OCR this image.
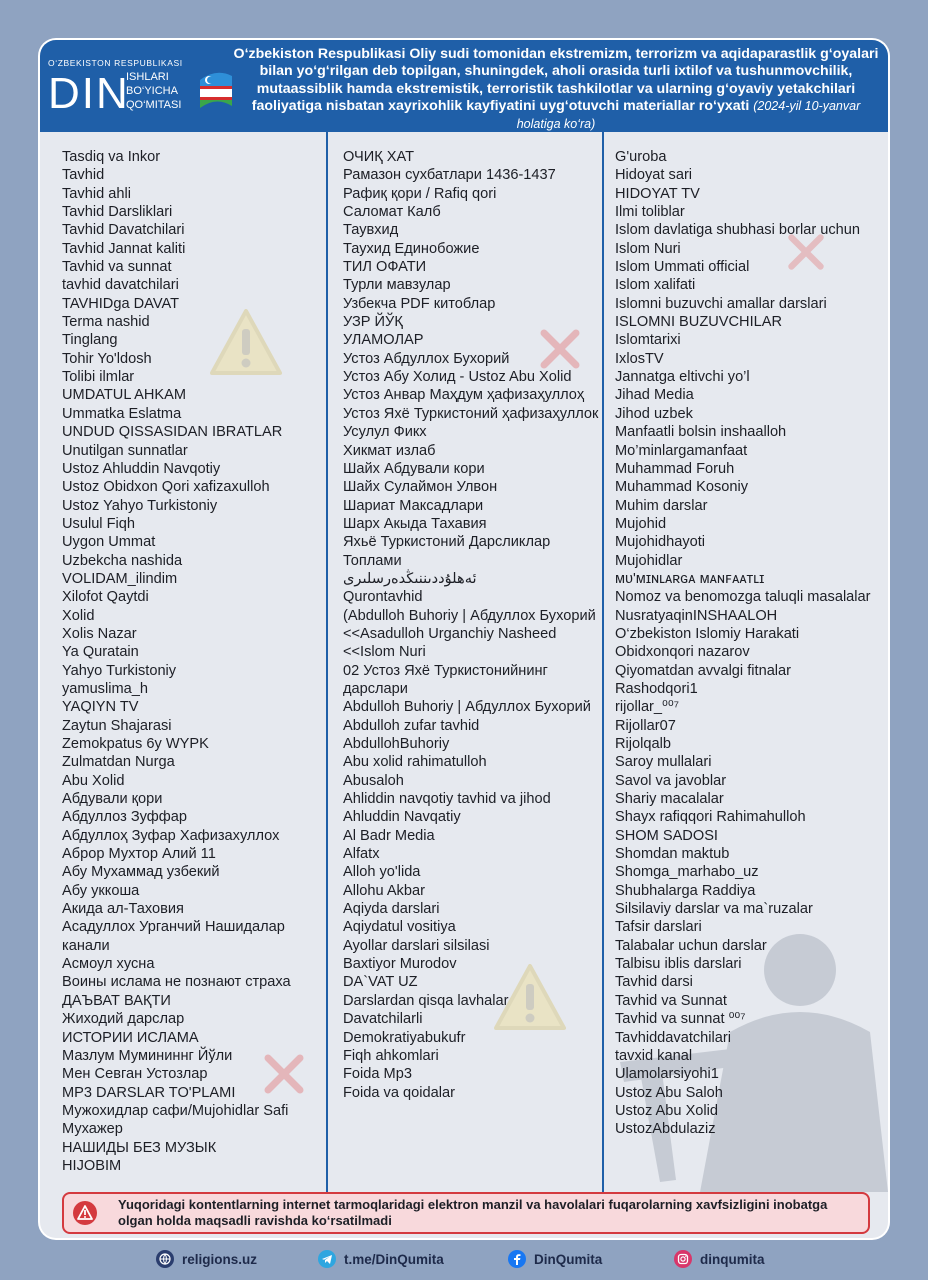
O‘ZBEKISTON RESPUBLIKASI
DIN
ISHLARI
BO‘YICHA
QO‘MITASI
O‘zbekiston Respublikasi Oliy sudi tomonidan ekstremizm, terrorizm va aqidaparastlik g‘oyalari bilan yo‘g‘rilgan deb topilgan, shuningdek, aholi orasida turli ixtilof va tushunmovchilik, mutaassiblik hamda ekstremistik, terroristik tashkilotlar va ularning g‘oyaviy yetakchilari faoliyatiga nisbatan xayrixohlik kayfiyatini uyg‘otuvchi materiallar ro‘yxati (2024-yil 10-yanvar holatiga ko‘ra)
Tasdiq va Inkor
Tavhid
Tavhid ahli
Tavhid Darsliklari
Tavhid Davatchilari
Tavhid Jannat kaliti
Tavhid va sunnat
tavhid davatchilari
TAVHIDga DAVAT
Terma nashid
Tinglang
Tohir Yo'ldosh
Tolibi ilmlar
UMDATUL AHKAM
Ummatka Eslatma
UNDUD QISSASIDAN IBRATLAR
Unutilgan sunnatlar
Ustoz Ahluddin Navqotiy
Ustoz Obidxon Qori xafizaxulloh
Ustoz Yahyo Turkistoniy
Usulul Fiqh
Uygon Ummat
Uzbekcha nashida
VOLIDAM_ilindim
Xilofot Qaytdi
Xolid
Xolis Nazar
Ya Quratain
Yahyo Turkistoniy
yamuslima_h
YAQIYN TV
Zaytun Shajarasi
Zemokpatus 6y WYPK
Zulmatdan Nurga
Abu Xolid
Абдували қори
Абдуллоз Зуффар
Абдуллоҳ Зуфар Хафизахуллох
Аброр Мухтор Алий 11
Абу Мухаммад узбекий
Абу уккоша
Акида ал-Таховия
Асадуллох Урганчий Нашидалар канали
Асмоул хусна
Воины ислама не познают страха
ДАЪВАТ ВАҚТИ
Жиходий дарслар
ИСТОРИИ ИСЛАМА
Мазлум Мумининнг Йўли
Мен Севган Устозлар
MP3 DARSLAR TO'PLAMI
Мужохидлар сафи/Mujohidlar Safi
Мухажер
НАШИДЫ БЕЗ МУЗЫК
HIJOBIM
ОЧИҚ ХАТ
Рамазон сухбатлари 1436-1437
Рафиқ қори / Rafiq qori
Саломат Калб
Таувхид
Таухид Единобожие
ТИЛ ОФАТИ
Турли мавзулар
Узбекча PDF китоблар
УЗР ЙЎҚ
УЛАМОЛАР
Устоз Абдуллох Бухорий
Устоз Абу Холид - Ustoz Abu Xolid
Устоз Анвар Маҳдум ҳафизаҳуллоҳ
Устоз Яхё Туркистоний ҳафизаҳуллок
Усулул Фикх
Хикмат излаб
Шайх Абдували кори
Шайх Сулаймон Улвон
Шариат Максадлари
Шарх Акыда Тахавия
Яхьё Туркистоний Дарсликлар Топлами
ئەھلۇددىننىڭدەرسلىرى
Qurontavhid
(Abdulloh Buhoriy | Абдуллох Бухорий
<<Asadulloh Urganchiy Nasheed
<<Islom Nuri
02 Устоз Яхё Туркистонийнинг дарслари
Abdulloh Buhoriy | Абдуллох Бухорий
Abdulloh zufar tavhid
AbdullohBuhoriy
Abu xolid rahimatulloh
Abusaloh
Ahliddin navqotiy tavhid va jihod
Ahluddin Navqatiy
Al Badr Media
Alfatx
Alloh yo'lida
Allohu Akbar
Aqiyda darslari
Aqiydatul vositiya
Ayollar darslari silsilasi
Baxtiyor Murodov
DA`VAT UZ
Darslardan qisqa lavhalar
Davatchilarli
Demokratiyabukufr
Fiqh ahkomlari
Foida Mp3
Foida va qoidalar
G'uroba
Hidoyat sari
HIDOYAT TV
Ilmi toliblar
Islom davlatiga shubhasi borlar uchun
Islom Nuri
Islom Ummati official
Islom xalifati
Islomni buzuvchi amallar darslari
ISLOMNI BUZUVCHILAR
Islomtarixi
IxlosTV
Jannatga eltivchi yo’l
Jihad Media
Jihod uzbek
Manfaatli bolsin inshaalloh
Mo’minlargamanfaat
Muhammad Foruh
Muhammad Kosoniy
Muhim darslar
Mujohid
Mujohidhayoti
Mujohidlar
ᴍᴜ'ᴍɪɴʟᴀʀɢᴀ ᴍᴀɴꜰᴀᴀᴛʟɪ
Nomoz va benomozga taluqli masalalar
NusratyaqinINSHAALOH
O‘zbekiston Islomiy Harakati
Obidxonqori nazarov
Qiyomatdan avvalgi fitnalar
Rashodqori1
rijollar_⁰⁰⁷
Rijollar07
Rijolqalb
Saroy mullalari
Savol va javoblar
Shariy macalalar
Shayx rafiqqori Rahimahulloh
SHOM SADOSI
Shomdan maktub
Shomga_marhabo_uz
Shubhalarga Raddiya
Silsilaviy darslar va ma`ruzalar
Tafsir darslari
Talabalar uchun darslar
Talbisu iblis darslari
Tavhid darsi
Tavhid va Sunnat
Tavhid va sunnat ⁰⁰⁷
Tavhiddavatchilari
tavxid kanal
Ulamolarsiyohi1
Ustoz Abu Saloh
Ustoz Abu Xolid
UstozAbdulaziz
Yuqoridagi kontentlarning internet tarmoqlaridagi elektron manzil va havolalari fuqarolarning xavfsizligini inobatga olgan holda maqsadli ravishda ko‘rsatilmadi
religions.uz	t.me/DinQumita	DinQumita	dinqumita
